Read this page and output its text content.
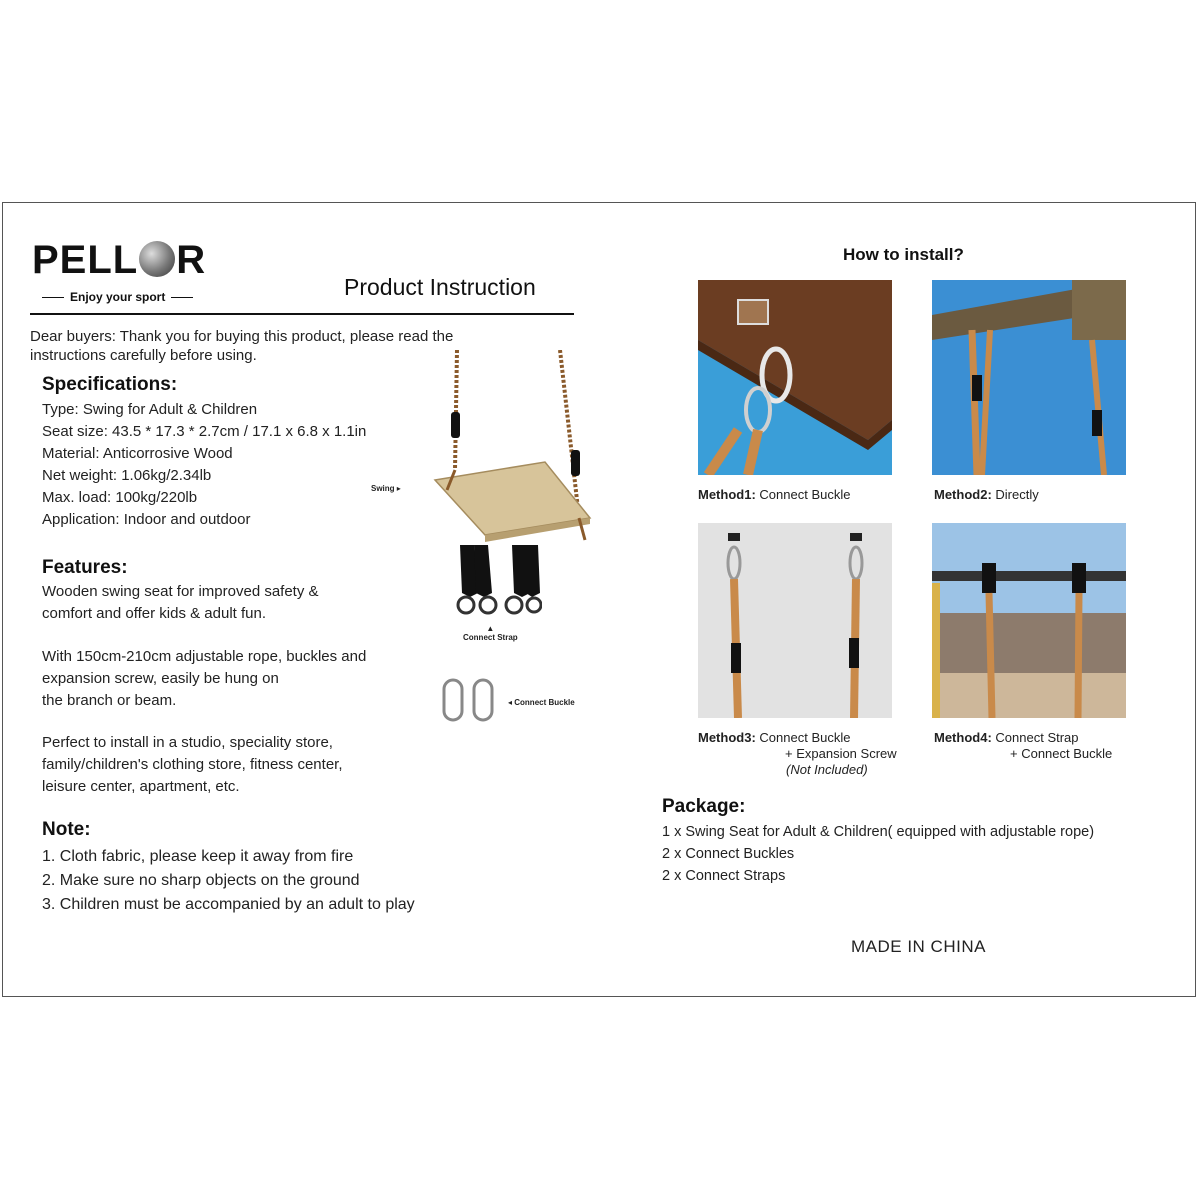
PELL R
Enjoy your sport	Product Instruction
Dear buyers: Thank you for buying this product, please read the
instructions carefully before using.
Specifications:
Type: Swing for Adult & Children
Seat size: 43.5 * 17.3 * 2.7cm / 17.1 x 6.8 x 1.1in
Material: Anticorrosive Wood
Net weight: 1.06kg/2.34lb
Max. load: 100kg/220lb
Application: Indoor and outdoor
Features:
Wooden swing seat for improved safety &
comfort and offer kids & adult fun.
With 150cm-210cm adjustable rope, buckles and
expansion screw, easily be hung on
the branch or beam.
Perfect to install in a studio, speciality store,
family/children's clothing store, fitness center,
leisure center, apartment, etc.
Note:
1. Cloth fabric, please keep it away from fire
2. Make sure no sharp objects on the ground
3. Children must be accompanied by an adult to play
Swing ▸
▲
Connect Strap
◂ Connect Buckle
How to install?
Method1: Connect Buckle	Method2: Directly
Method3: Connect Buckle
+ Expansion Screw
(Not Included)
Method4: Connect Strap
+ Connect Buckle
Package:
1 x Swing Seat for Adult & Children( equipped with adjustable rope)
2 x Connect Buckles
2 x Connect Straps
MADE IN CHINA
